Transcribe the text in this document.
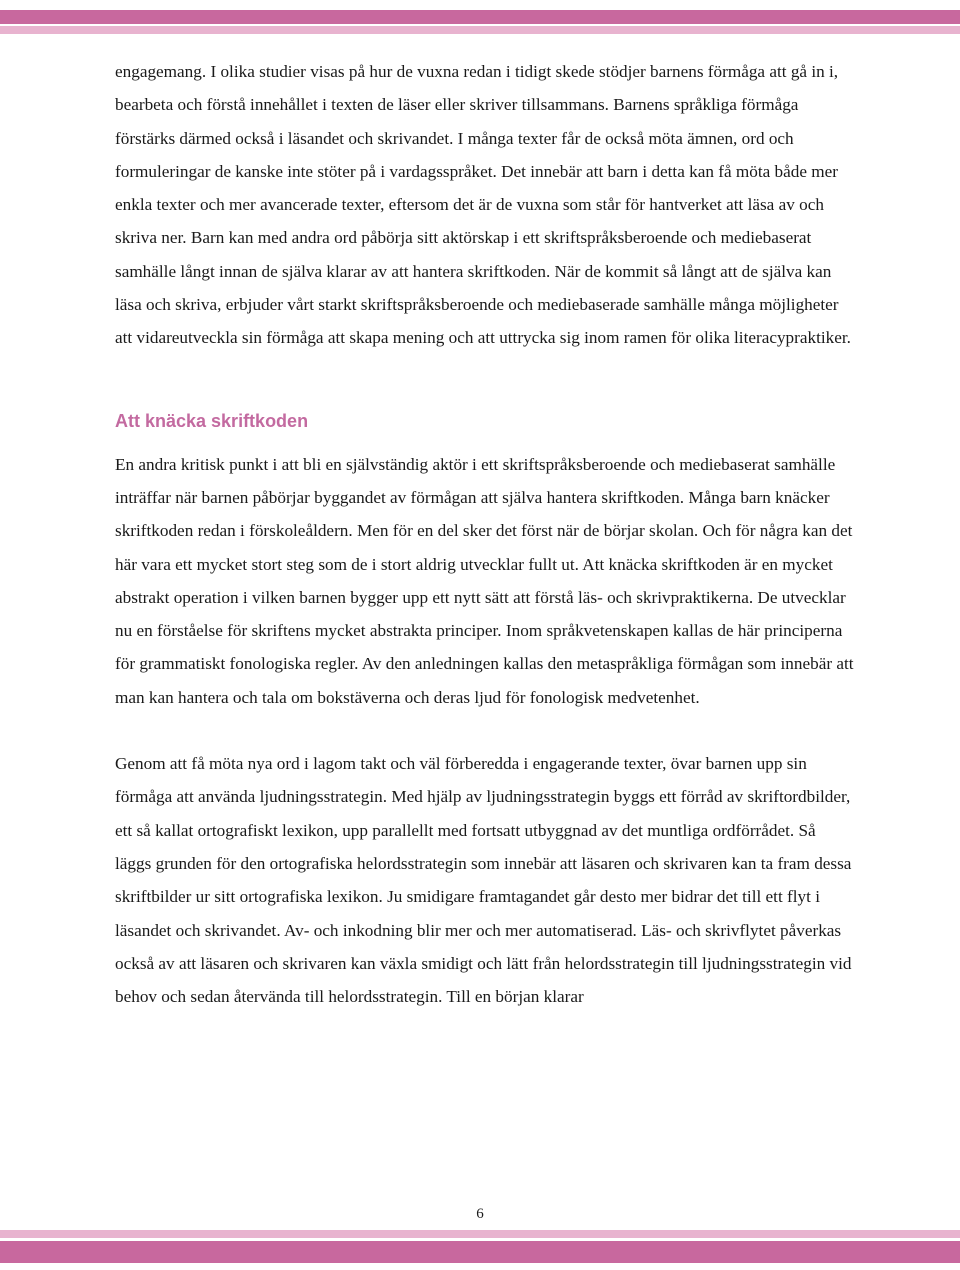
engagemang. I olika studier visas på hur de vuxna redan i tidigt skede stödjer barnens förmåga att gå in i, bearbeta och förstå innehållet i texten de läser eller skriver tillsammans. Barnens språkliga förmåga förstärks därmed också i läsandet och skrivandet. I många texter får de också möta ämnen, ord och formuleringar de kanske inte stöter på i vardagsspråket. Det innebär att barn i detta kan få möta både mer enkla texter och mer avancerade texter, eftersom det är de vuxna som står för hantverket att läsa av och skriva ner. Barn kan med andra ord påbörja sitt aktörskap i ett skriftspråksberoende och mediebaserat samhälle långt innan de själva klarar av att hantera skriftkoden. När de kommit så långt att de själva kan läsa och skriva, erbjuder vårt starkt skriftspråksberoende och mediebaserade samhälle många möjligheter att vidareutveckla sin förmåga att skapa mening och att uttrycka sig inom ramen för olika literacypraktiker.

Att knäcka skriftkoden

En andra kritisk punkt i att bli en självständig aktör i ett skriftspråksberoende och mediebaserat samhälle inträffar när barnen påbörjar byggandet av förmågan att själva hantera skriftkoden. Många barn knäcker skriftkoden redan i förskoleåldern. Men för en del sker det först när de börjar skolan. Och för några kan det här vara ett mycket stort steg som de i stort aldrig utvecklar fullt ut. Att knäcka skriftkoden är en mycket abstrakt operation i vilken barnen bygger upp ett nytt sätt att förstå läs- och skrivpraktikerna. De utvecklar nu en förståelse för skriftens mycket abstrakta principer. Inom språkvetenskapen kallas de här principerna för grammatiskt fonologiska regler. Av den anledningen kallas den metaspråkliga förmågan som innebär att man kan hantera och tala om bokstäverna och deras ljud för fonologisk medvetenhet.

Genom att få möta nya ord i lagom takt och väl förberedda i engagerande texter, övar barnen upp sin förmåga att använda ljudningsstrategin. Med hjälp av ljudningsstrategin byggs ett förråd av skriftordbilder, ett så kallat ortografiskt lexikon, upp parallellt med fortsatt utbyggnad av det muntliga ordförrådet. Så läggs grunden för den ortografiska helordsstrategin som innebär att läsaren och skrivaren kan ta fram dessa skriftbilder ur sitt ortografiska lexikon. Ju smidigare framtagandet går desto mer bidrar det till ett flyt i läsandet och skrivandet. Av- och inkodning blir mer och mer automatiserad. Läs- och skrivflytet påverkas också av att läsaren och skrivaren kan växla smidigt och lätt från helordsstrategin till ljudningsstrategin vid behov och sedan återvända till helordsstrategin. Till en början klarar

6
